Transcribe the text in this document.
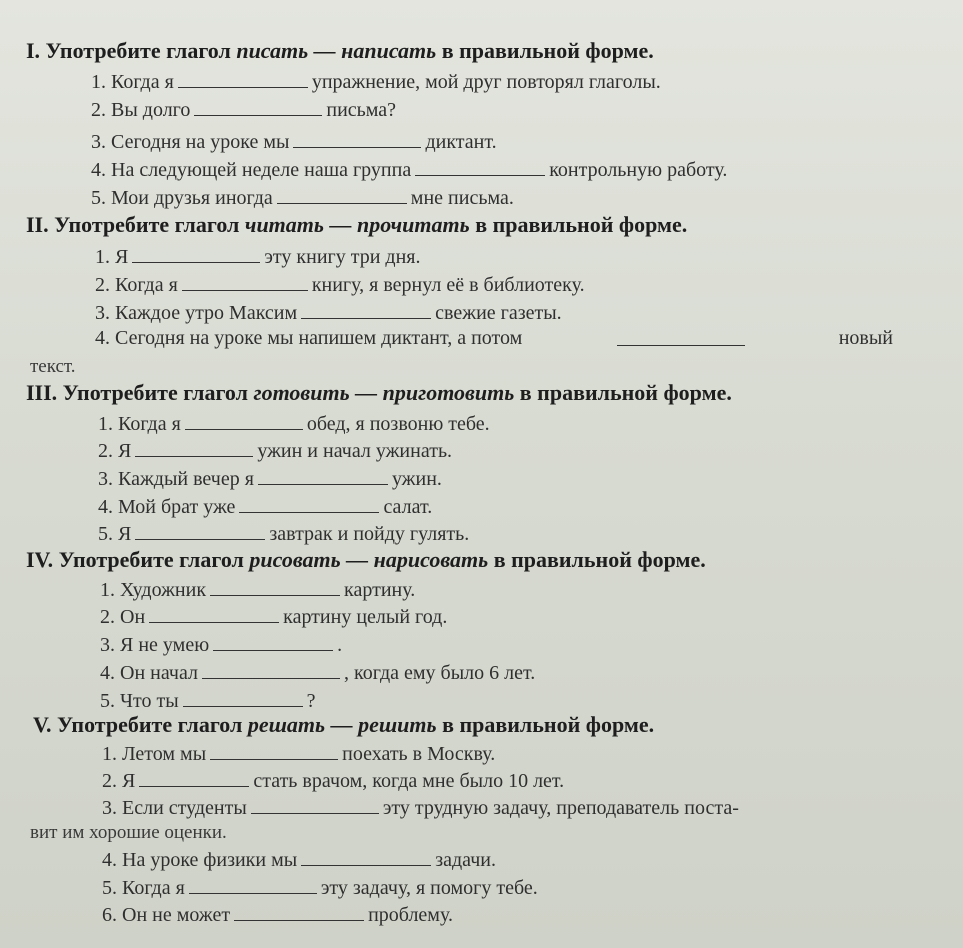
I. Употребите глагол писать — написать в правильной форме.
1. Когда я	упражнение, мой друг повторял глаголы.
2. Вы долго	письма?
3. Сегодня на уроке мы	диктант.
4. На следующей неделе наша группа	контрольную работу.
5. Мои друзья иногда	мне письма.
II. Употребите глагол читать — прочитать в правильной форме.
1. Я	эту книгу три дня.
2. Когда я	книгу, я вернул её в библиотеку.
3. Каждое утро Максим	свежие газеты.
4. Сегодня на уроке мы напишем диктант, а потом	новый
текст.
III. Употребите глагол готовить — приготовить в правильной форме.
1. Когда я	обед, я позвоню тебе.
2. Я	ужин и начал ужинать.
3. Каждый вечер я	ужин.
4. Мой брат уже	салат.
5. Я	завтрак и пойду гулять.
IV. Употребите глагол рисовать — нарисовать в правильной форме.
1. Художник	картину.
2. Он	картину целый год.
3. Я не умею	.
4. Он начал	, когда ему было 6 лет.
5. Что ты	?
V. Употребите глагол решать — решить в правильной форме.
1. Летом мы	поехать в Москву.
2. Я	стать врачом, когда мне было 10 лет.
3. Если студенты	эту трудную задачу, преподаватель поста-
вит им хорошие оценки.
4. На уроке физики мы	задачи.
5. Когда я	эту задачу, я помогу тебе.
6. Он не может	проблему.
